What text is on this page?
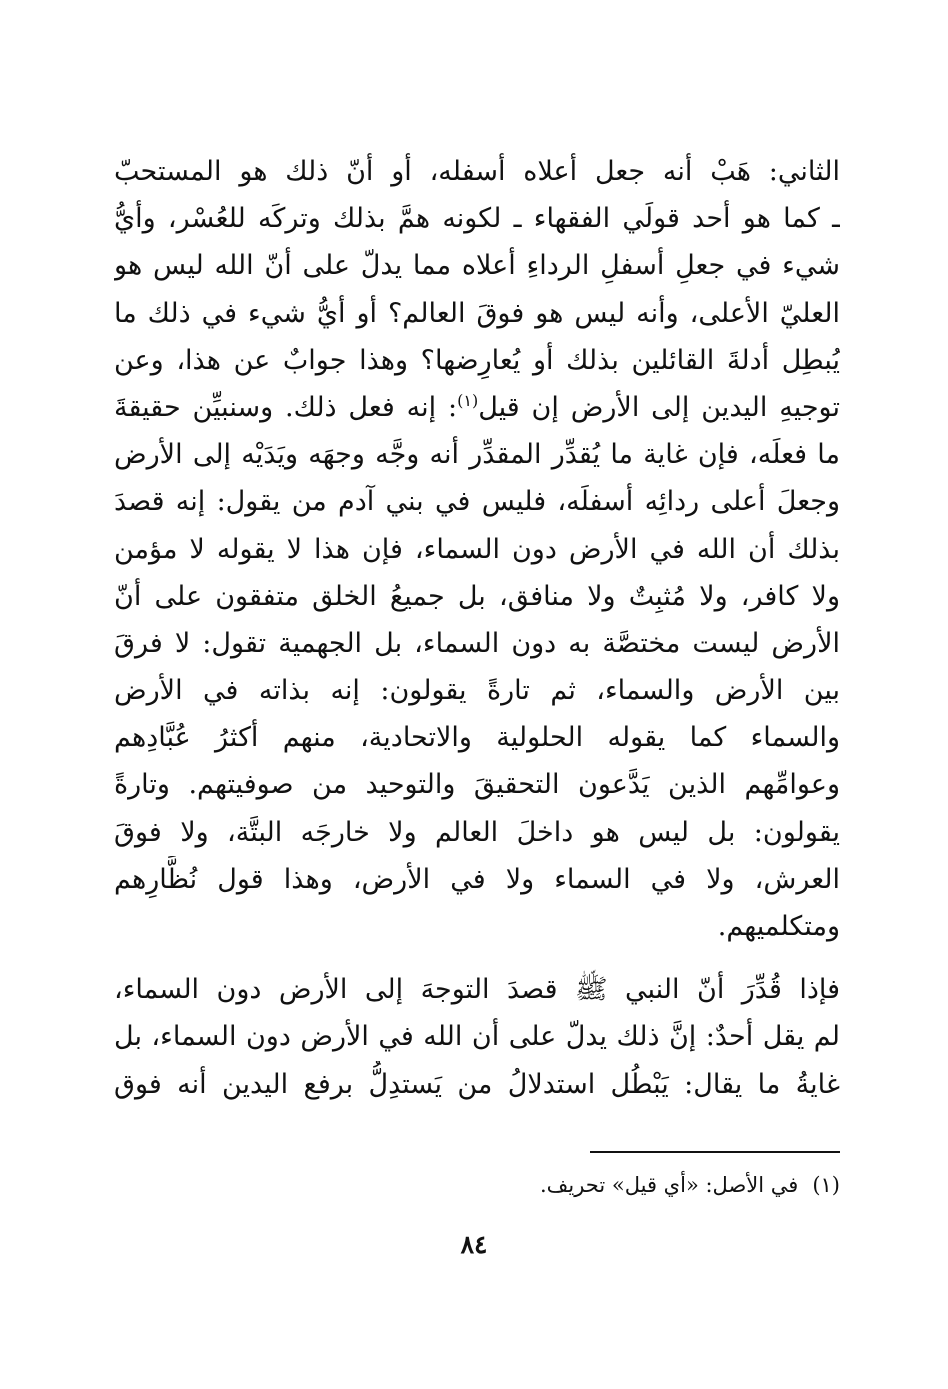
الثاني: هَبْ أنه جعل أعلاه أسفله، أو أنّ ذلك هو المستحبّ
ـ كما هو أحد قولَي الفقهاء ـ لكونه همَّ بذلك وتركَه للعُسْر، وأيُّ
شيء في جعلِ أسفلِ الرداءِ أعلاه مما يدلّ على أنّ الله ليس هو
العليّ الأعلى، وأنه ليس هو فوقَ العالم؟ أو أيُّ شيء في ذلك ما
يُبطِل أدلةَ القائلين بذلك أو يُعارِضها؟ وهذا جوابٌ عن هذا، وعن
توجيهِ اليدين إلى الأرض إن قيل$^{(١)}$: إنه فعل ذلك. وسنبيِّن حقيقةَ
ما فعلَه، فإن غاية ما يُقدِّر المقدِّر أنه وجَّه وجهَه ويَدَيْه إلى الأرض
وجعلَ أعلى ردائِه أسفلَه، فليس في بني آدم من يقول: إنه قصدَ
بذلك أن الله في الأرض دون السماء، فإن هذا لا يقوله لا مؤمن
ولا كافر، ولا مُثبِتٌ ولا منافق، بل جميعُ الخلق متفقون على أنّ
الأرض ليست مختصَّة به دون السماء، بل الجهمية تقول: لا فرقَ
بين الأرض والسماء، ثم تارةً يقولون: إنه بذاته في الأرض
والسماء كما يقوله الحلولية والاتحادية، منهم أكثرُ عُبَّادِهم
وعوامِّهم الذين يَدَّعون التحقيقَ والتوحيد من صوفيتهم. وتارةً
يقولون: بل ليس هو داخلَ العالم ولا خارجَه البتَّة، ولا فوقَ
العرش، ولا في السماء ولا في الأرض، وهذا قول نُظَّارِهم
ومتكلميهم.
فإذا قُدِّرَ أنّ النبي ﷺ قصدَ التوجهَ إلى الأرض دون السماء،
لم يقل أحدٌ: إنَّ ذلك يدلّ على أن الله في الأرض دون السماء، بل
غايةُ ما يقال: يَبْطُل استدلالُ من يَستدِلُّ برفع اليدين أنه فوق
(١)في الأصل: «أي قيل» تحريف.
٨٤
